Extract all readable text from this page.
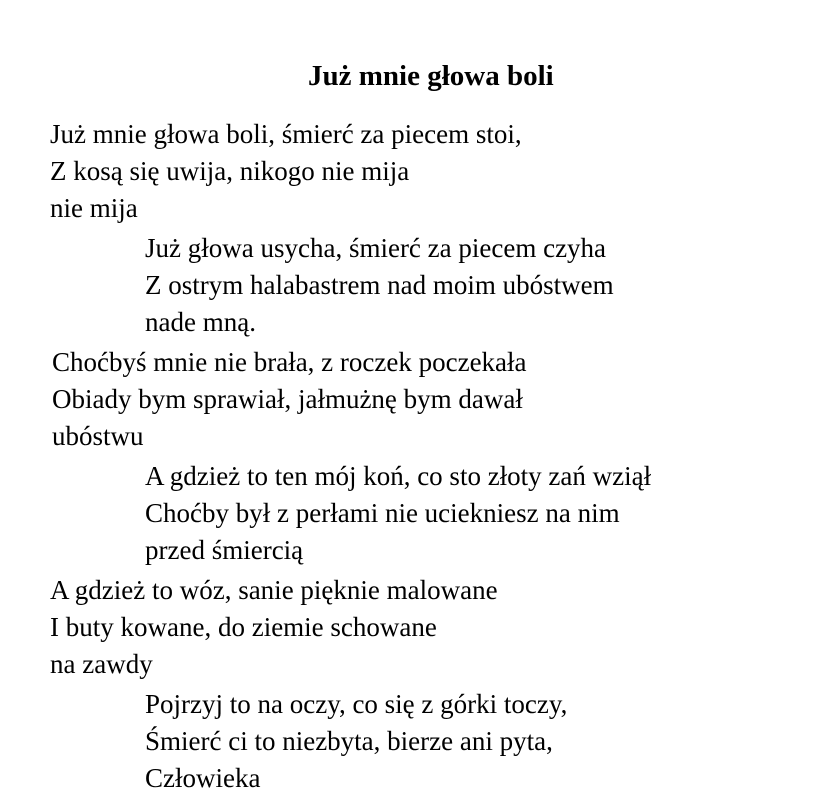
Już mnie głowa boli
Już mnie głowa boli, śmierć za piecem stoi,
Z kosą się uwija, nikogo nie mija
nie mija
Już głowa usycha, śmierć za piecem czyha
Z ostrym halabastrem nad moim ubóstwem
nade mną.
Choćbyś mnie nie brała, z roczek poczekała
Obiady bym sprawiał, jałmużnę bym dawał
ubóstwu
A gdzież to ten mój koń, co sto złoty zań wziął
Choćby był z perłami nie uciekniesz na nim
przed śmiercią
A gdzież to wóz, sanie pięknie malowane
I buty kowane, do ziemie schowane
na zawdy
Pojrzyj to na oczy, co się z górki toczy,
Śmierć ci to niezbyta, bierze ani pyta,
Człowieka
